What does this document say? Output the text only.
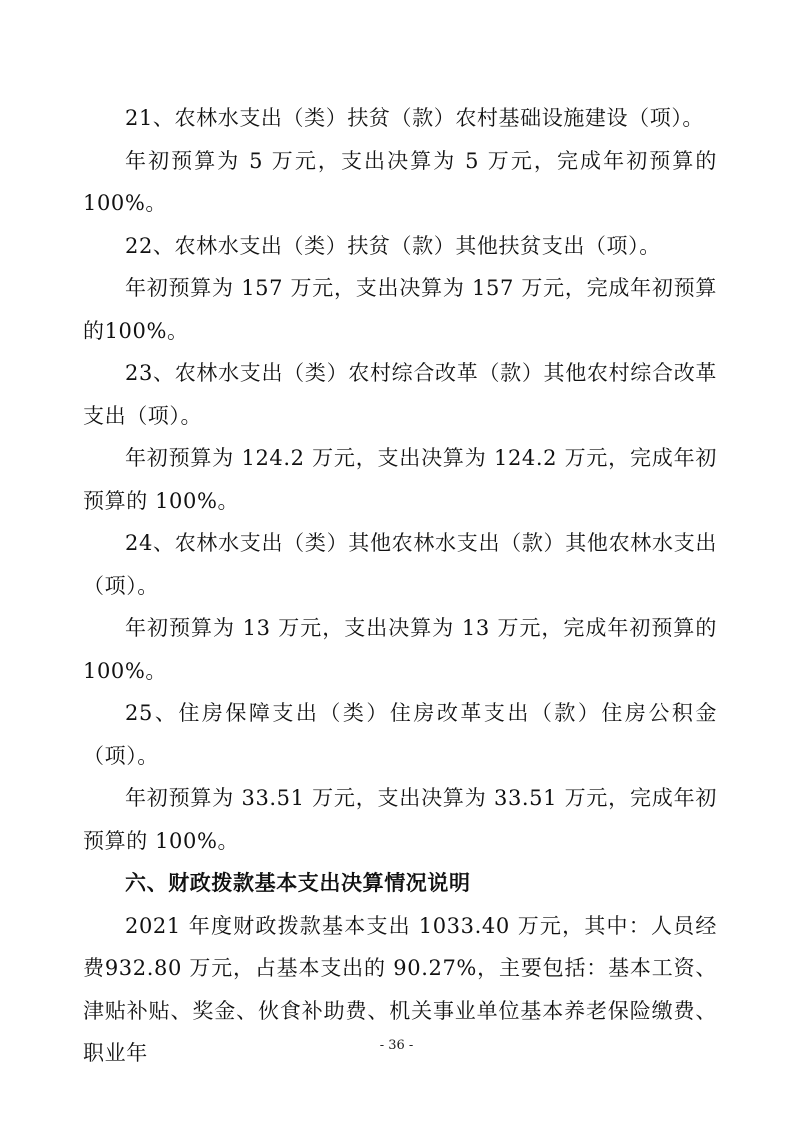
21、农林水支出（类）扶贫（款）农村基础设施建设（项）。

年初预算为 5 万元，支出决算为 5 万元，完成年初预算的100%。

22、农林水支出（类）扶贫（款）其他扶贫支出（项）。

年初预算为 157 万元，支出决算为 157 万元，完成年初预算的100%。

23、农林水支出（类）农村综合改革（款）其他农村综合改革支出（项）。

年初预算为 124.2 万元，支出决算为 124.2 万元，完成年初预算的 100%。

24、农林水支出（类）其他农林水支出（款）其他农林水支出（项）。

年初预算为 13 万元，支出决算为 13 万元，完成年初预算的100%。

25、住房保障支出（类）住房改革支出（款）住房公积金（项）。

年初预算为 33.51 万元，支出决算为 33.51 万元，完成年初预算的 100%。

六、财政拨款基本支出决算情况说明

2021 年度财政拨款基本支出 1033.40 万元，其中：人员经费932.80 万元，占基本支出的 90.27%，主要包括：基本工资、津贴补贴、奖金、伙食补助费、机关事业单位基本养老保险缴费、职业年	- 36 -
